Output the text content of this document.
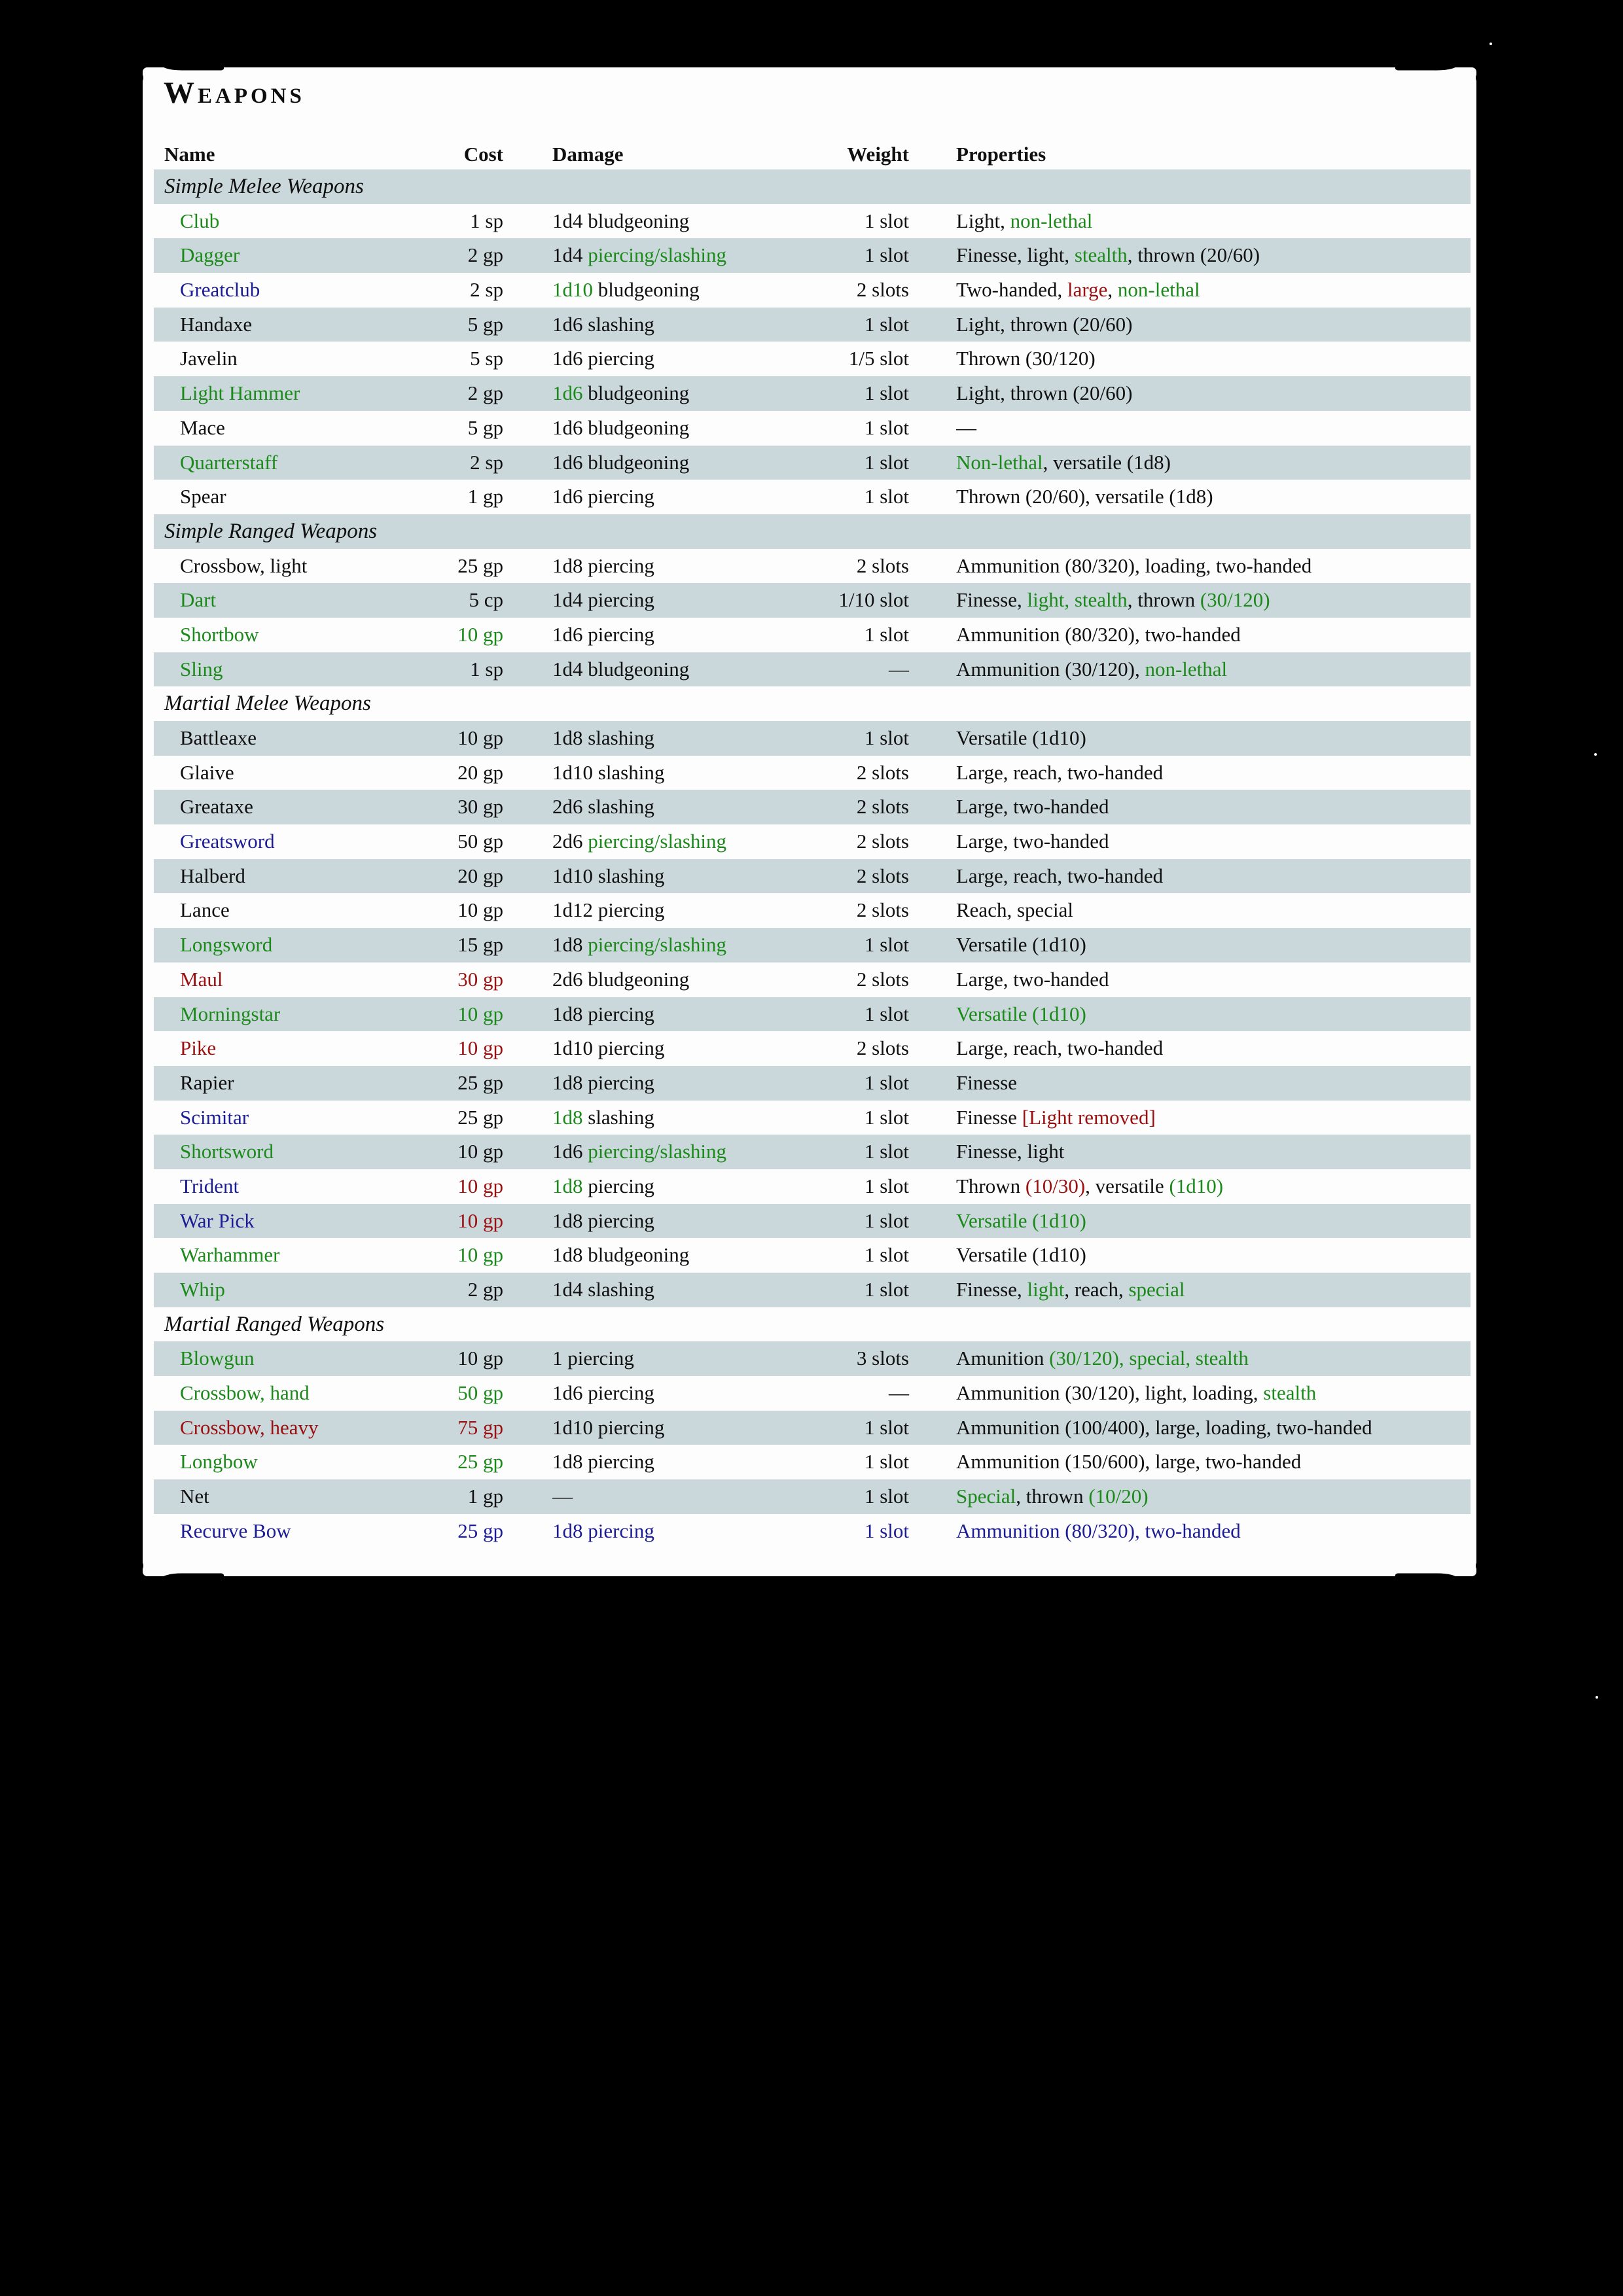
Weapons
Name	Cost Damage	Weight Properties
Simple Melee Weapons
Club	1 sp 1d4 bludgeoning	1 slot Light, non-lethal
Dagger	2 gp 1d4 piercing/slashing	1 slot Finesse, light, stealth, thrown (20/60)
Greatclub	2 sp 1d10 bludgeoning	2 slots Two-handed, large, non-lethal
Handaxe	5 gp 1d6 slashing	1 slot Light, thrown (20/60)
Javelin	5 sp 1d6 piercing	1/5 slot Thrown (30/120)
Light Hammer	2 gp 1d6 bludgeoning	1 slot Light, thrown (20/60)
Mace	5 gp 1d6 bludgeoning	1 slot —
Quarterstaff	2 sp 1d6 bludgeoning	1 slot Non-lethal, versatile (1d8)
Spear	1 gp 1d6 piercing	1 slot Thrown (20/60), versatile (1d8)
Simple Ranged Weapons
Crossbow, light	25 gp 1d8 piercing	2 slots Ammunition (80/320), loading, two-handed
Dart	5 cp 1d4 piercing	1/10 slot Finesse, light, stealth, thrown (30/120)
Shortbow	10 gp 1d6 piercing	1 slot Ammunition (80/320), two-handed
Sling	1 sp 1d4 bludgeoning	— Ammunition (30/120), non-lethal
Martial Melee Weapons
Battleaxe	10 gp 1d8 slashing	1 slot Versatile (1d10)
Glaive	20 gp 1d10 slashing	2 slots Large, reach, two-handed
Greataxe	30 gp 2d6 slashing	2 slots Large, two-handed
Greatsword	50 gp 2d6 piercing/slashing	2 slots Large, two-handed
Halberd	20 gp 1d10 slashing	2 slots Large, reach, two-handed
Lance	10 gp 1d12 piercing	2 slots Reach, special
Longsword	15 gp 1d8 piercing/slashing	1 slot Versatile (1d10)
Maul	30 gp 2d6 bludgeoning	2 slots Large, two-handed
Morningstar	10 gp 1d8 piercing	1 slot Versatile (1d10)
Pike	10 gp 1d10 piercing	2 slots Large, reach, two-handed
Rapier	25 gp 1d8 piercing	1 slot Finesse
Scimitar	25 gp 1d8 slashing	1 slot Finesse [Light removed]
Shortsword	10 gp 1d6 piercing/slashing	1 slot Finesse, light
Trident	10 gp 1d8 piercing	1 slot Thrown (10/30), versatile (1d10)
War Pick	10 gp 1d8 piercing	1 slot Versatile (1d10)
Warhammer	10 gp 1d8 bludgeoning	1 slot Versatile (1d10)
Whip	2 gp 1d4 slashing	1 slot Finesse, light, reach, special
Martial Ranged Weapons
Blowgun	10 gp 1 piercing	3 slots Amunition (30/120), special, stealth
Crossbow, hand	50 gp 1d6 piercing	— Ammunition (30/120), light, loading, stealth
Crossbow, heavy	75 gp 1d10 piercing	1 slot Ammunition (100/400), large, loading, two-handed
Longbow	25 gp 1d8 piercing	1 slot Ammunition (150/600), large, two-handed
Net	1 gp —	1 slot Special, thrown (10/20)
Recurve Bow	25 gp 1d8 piercing	1 slot Ammunition (80/320), two-handed
